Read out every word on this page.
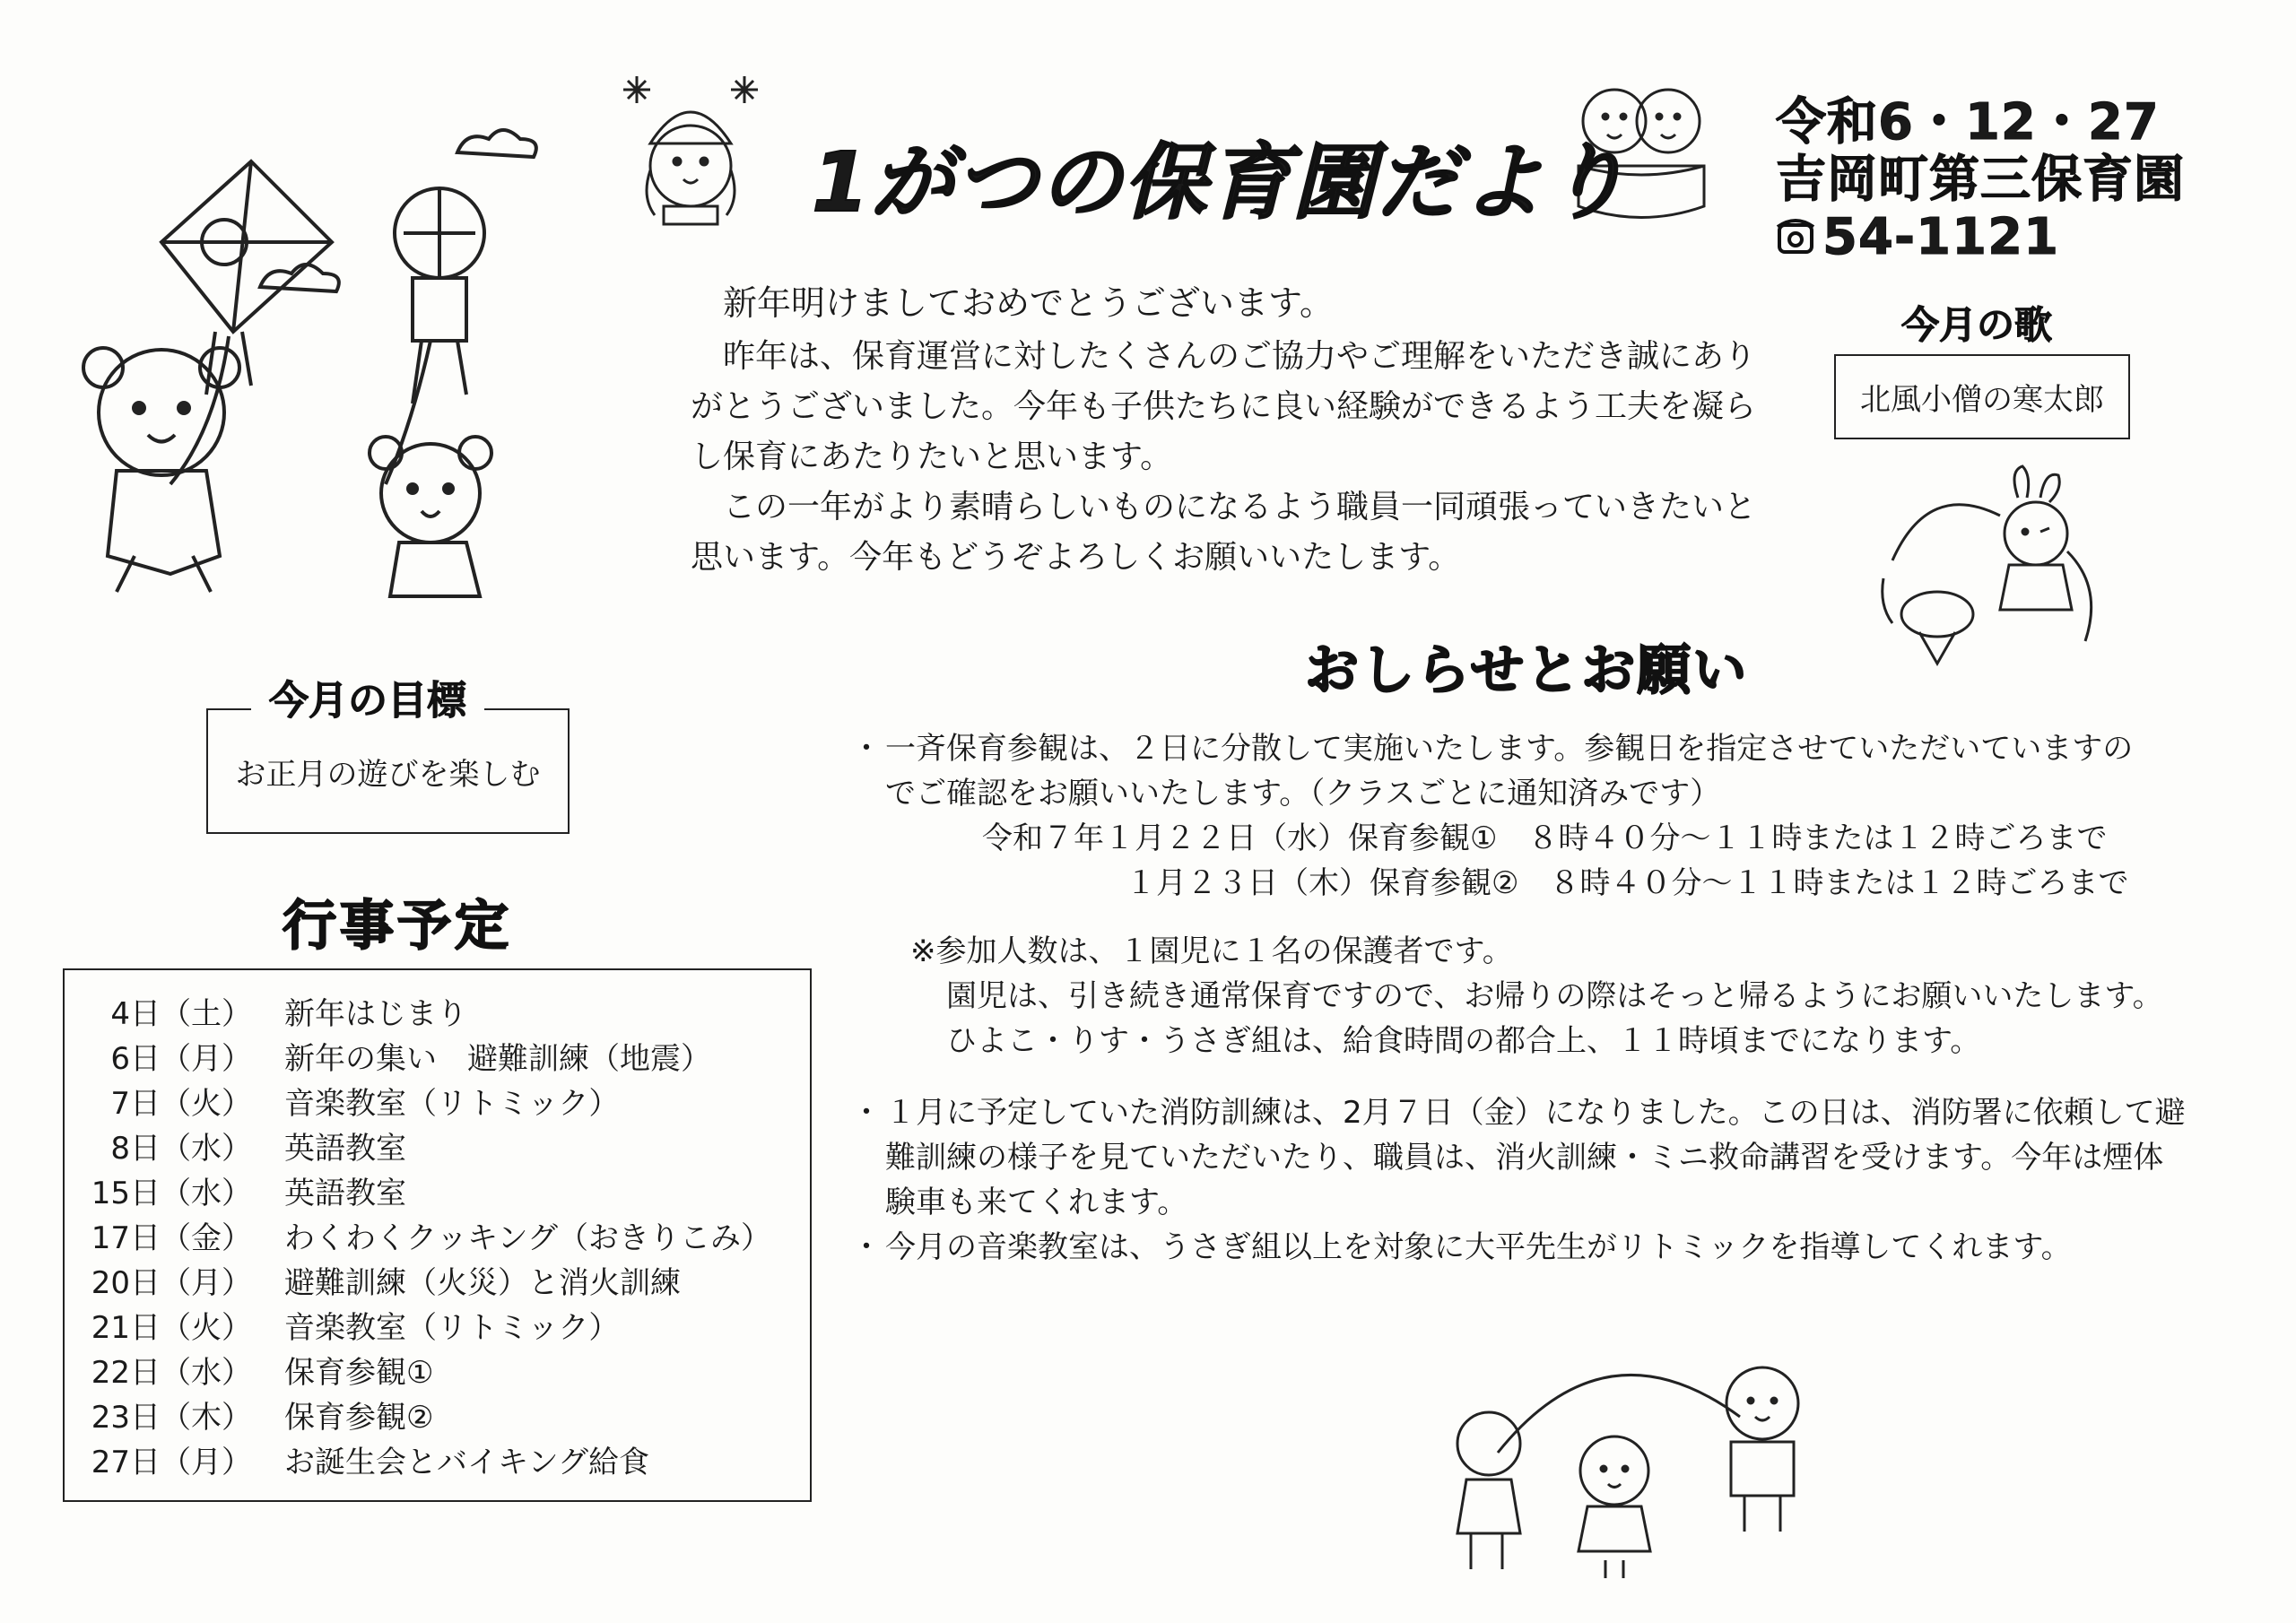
1がつの保育園だより
令和6・12・27
吉岡町第三保育園
54-1121

新年明けましておめでとうございます。

昨年は、保育運営に対したくさんのご協力やご理解をいただき誠にありがとうございました。今年も子供たちに良い経験ができるよう工夫を凝らし保育にあたりたいと思います。

この一年がより素晴らしいものになるよう職員一同頑張っていきたいと思います。今年もどうぞよろしくお願いいたします。

今月の歌
北風小僧の寒太郎
お正月の遊びを楽しむ
今月の目標
行事予定
4日（土）	新年はじまり
6日（月）	新年の集い　避難訓練（地震）
7日（火）	音楽教室（リトミック）
8日（水）	英語教室
15日（水）	英語教室
17日（金）	わくわくクッキング（おきりこみ）
20日（月）	避難訓練（火災）と消火訓練
21日（火）	音楽教室（リトミック）
22日（水）	保育参観①
23日（木）	保育参観②
27日（月）	お誕生会とバイキング給食
おしらせとお願い
・ 一斉保育参観は、２日に分散して実施いたします。参観日を指定させていただいていますの
でご確認をお願いいたします。（クラスごとに通知済みです）
令和７年１月２２日（水）保育参観①　８時４０分～１１時または１２時ごろまで
１月２３日（木）保育参観②　８時４０分～１１時または１２時ごろまで
※参加人数は、１園児に１名の保護者です。
園児は、引き続き通常保育ですので、お帰りの際はそっと帰るようにお願いいたします。
ひよこ・りす・うさぎ組は、給食時間の都合上、１１時頃までになります。
・ １月に予定していた消防訓練は、2月７日（金）になりました。この日は、消防署に依頼して避難訓練の様子を見ていただいたり、職員は、消火訓練・ミニ救命講習を受けます。今年は煙体験車も来てくれます。
・ 今月の音楽教室は、うさぎ組以上を対象に大平先生がリトミックを指導してくれます。
